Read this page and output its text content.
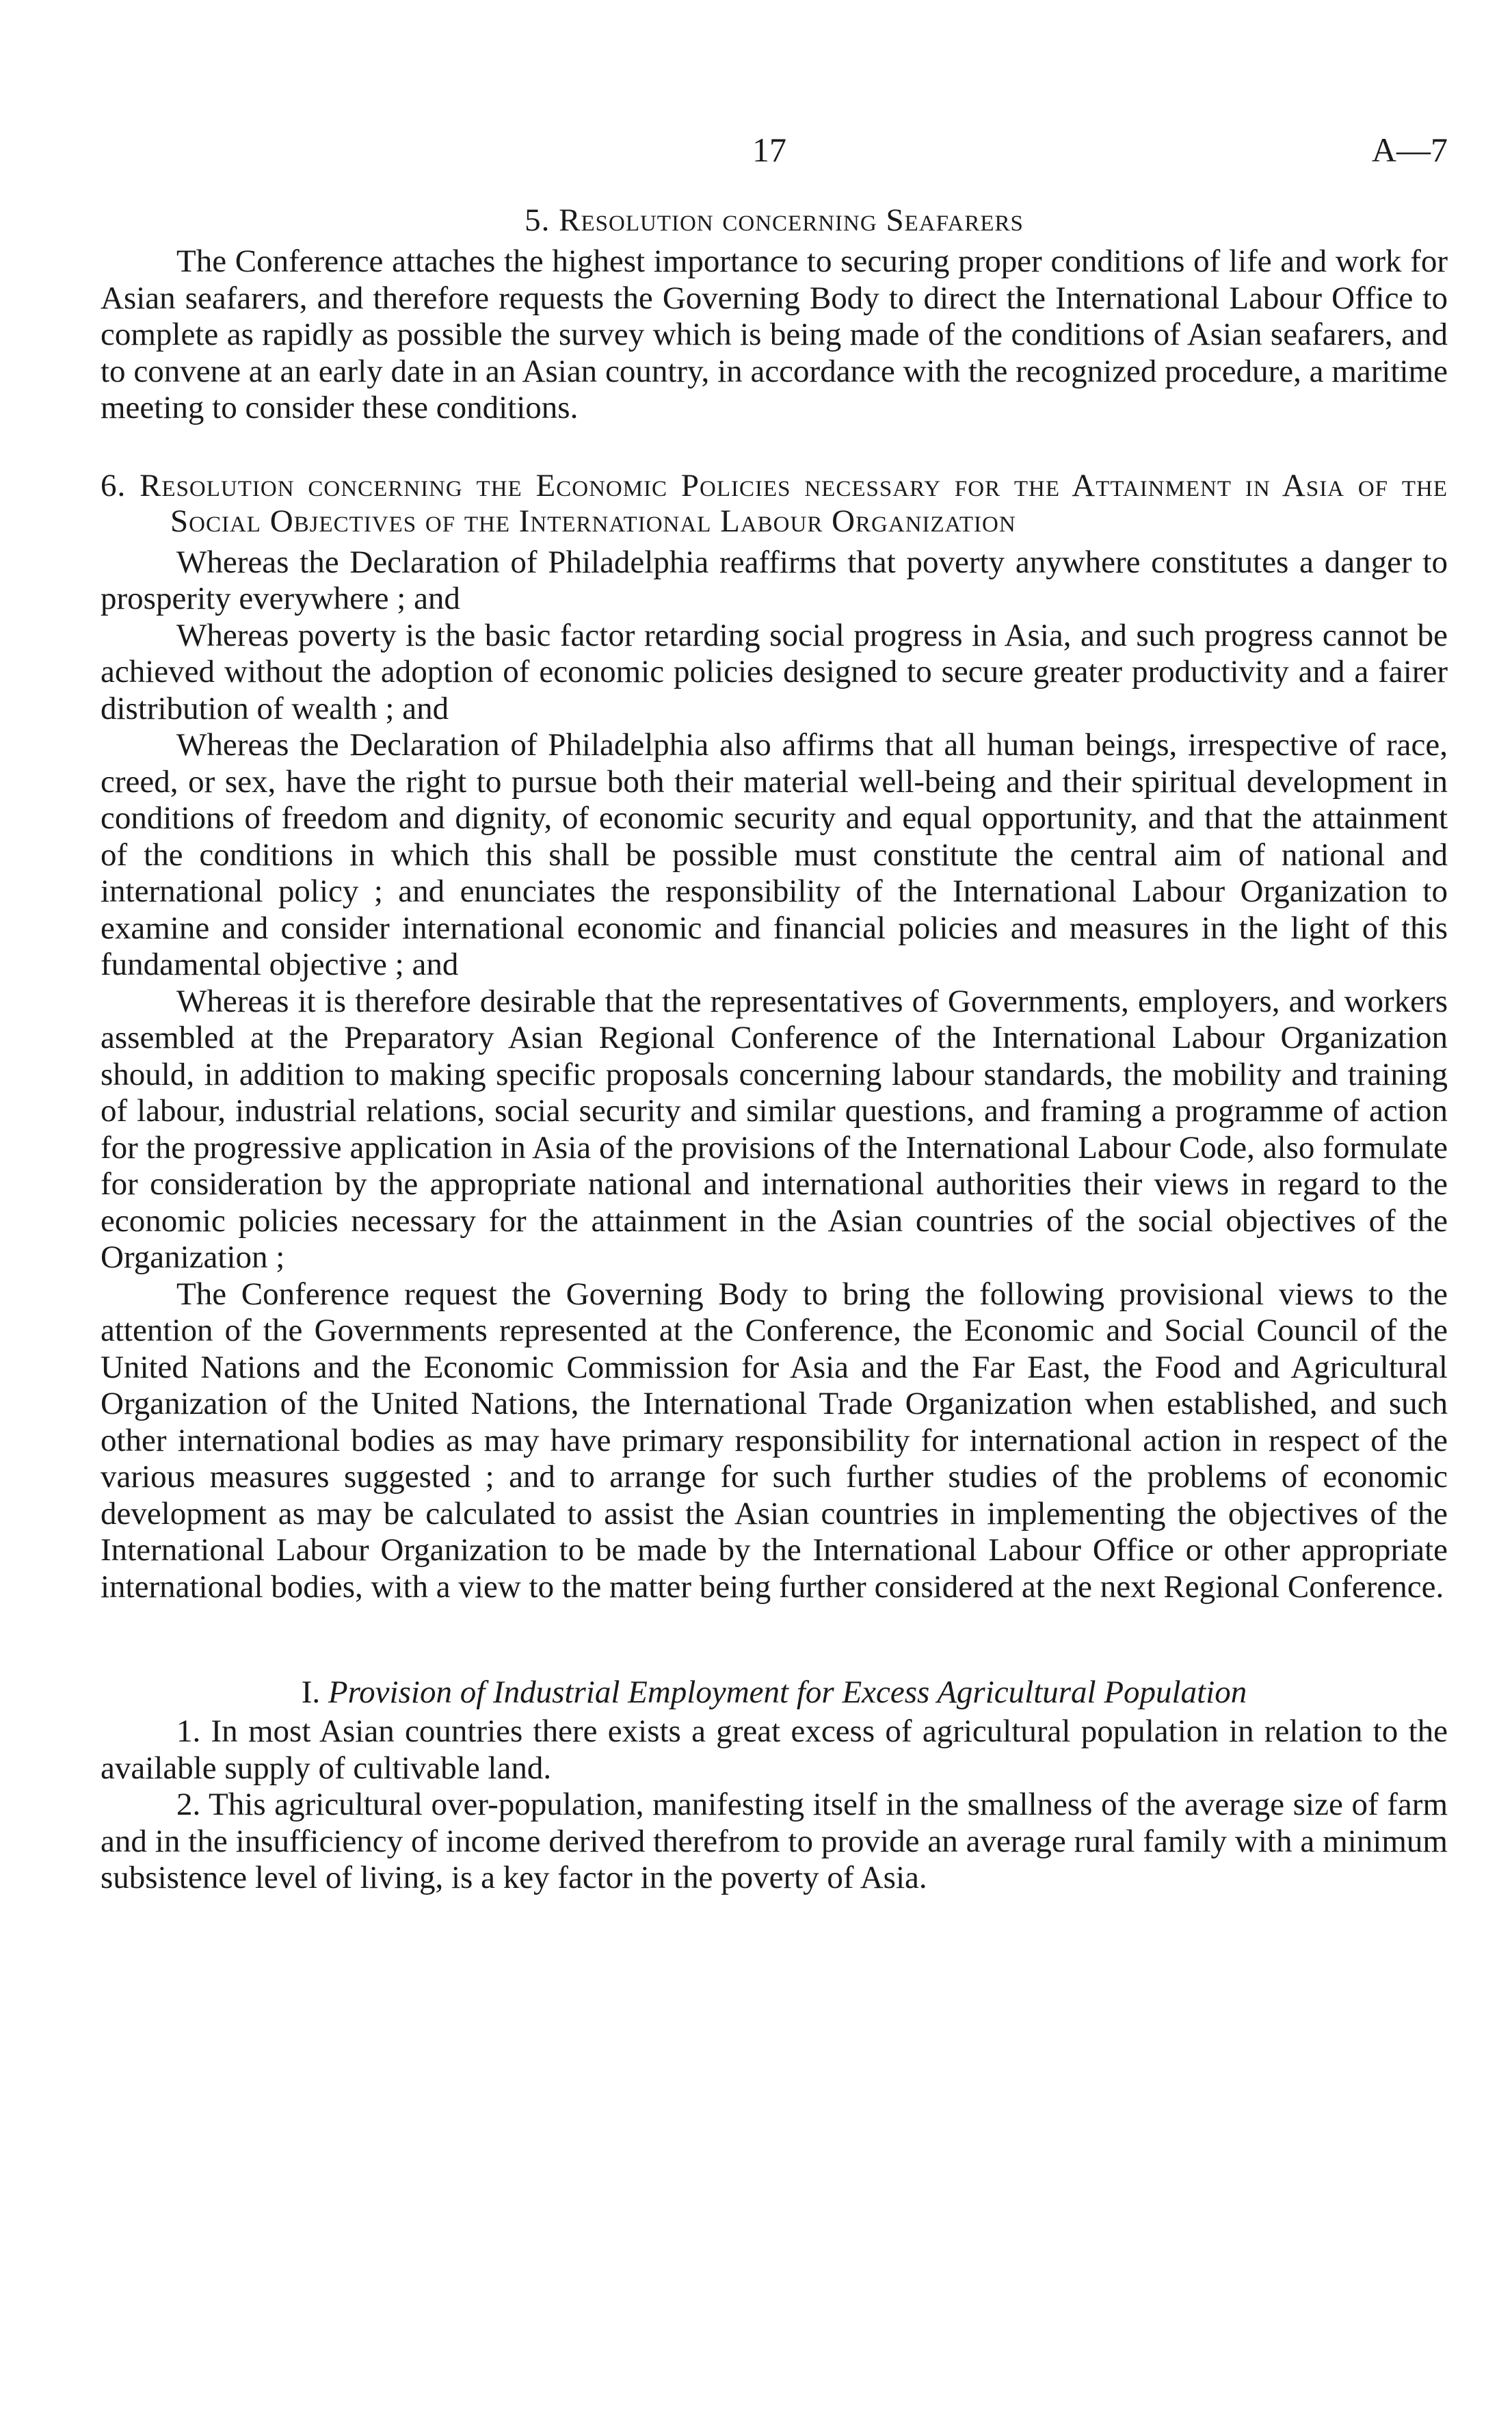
17	A—7
5. Resolution concerning Seafarers

The Conference attaches the highest importance to securing proper conditions of life and work for Asian seafarers, and therefore requests the Governing Body to direct the International Labour Office to complete as rapidly as possible the survey which is being made of the conditions of Asian seafarers, and to convene at an early date in an Asian country, in accordance with the recognized procedure, a maritime meeting to consider these conditions.

6. Resolution concerning the Economic Policies necessary for the Attainment in Asia of the Social Objectives of the International Labour Organization

Whereas the Declaration of Philadelphia reaffirms that poverty anywhere constitutes a danger to prosperity everywhere ; and

Whereas poverty is the basic factor retarding social progress in Asia, and such progress cannot be achieved without the adoption of economic policies designed to secure greater productivity and a fairer distribution of wealth ; and

Whereas the Declaration of Philadelphia also affirms that all human beings, irrespective of race, creed, or sex, have the right to pursue both their material well-being and their spiritual development in conditions of freedom and dignity, of economic security and equal opportunity, and that the attainment of the conditions in which this shall be possible must constitute the central aim of national and international policy ; and enunciates the responsibility of the International Labour Organization to examine and consider international economic and financial policies and measures in the light of this fundamental objective ; and

Whereas it is therefore desirable that the representatives of Governments, employers, and workers assembled at the Preparatory Asian Regional Conference of the International Labour Organization should, in addition to making specific proposals concerning labour standards, the mobility and training of labour, industrial relations, social security and similar questions, and framing a programme of action for the progressive application in Asia of the provisions of the International Labour Code, also formulate for consideration by the appropriate national and international authorities their views in regard to the economic policies necessary for the attainment in the Asian countries of the social objectives of the Organization ;

The Conference request the Governing Body to bring the following provisional views to the attention of the Governments represented at the Conference, the Economic and Social Council of the United Nations and the Economic Commission for Asia and the Far East, the Food and Agricultural Organization of the United Nations, the International Trade Organization when established, and such other international bodies as may have primary responsibility for international action in respect of the various measures suggested ; and to arrange for such further studies of the problems of economic development as may be calculated to assist the Asian countries in implementing the objectives of the International Labour Organization to be made by the International Labour Office or other appropriate international bodies, with a view to the matter being further considered at the next Regional Conference.

I. Provision of Industrial Employment for Excess Agricultural Population

1. In most Asian countries there exists a great excess of agricultural population in relation to the available supply of cultivable land.

2. This agricultural over-population, manifesting itself in the smallness of the average size of farm and in the insufficiency of income derived therefrom to provide an average rural family with a minimum subsistence level of living, is a key factor in the poverty of Asia.
